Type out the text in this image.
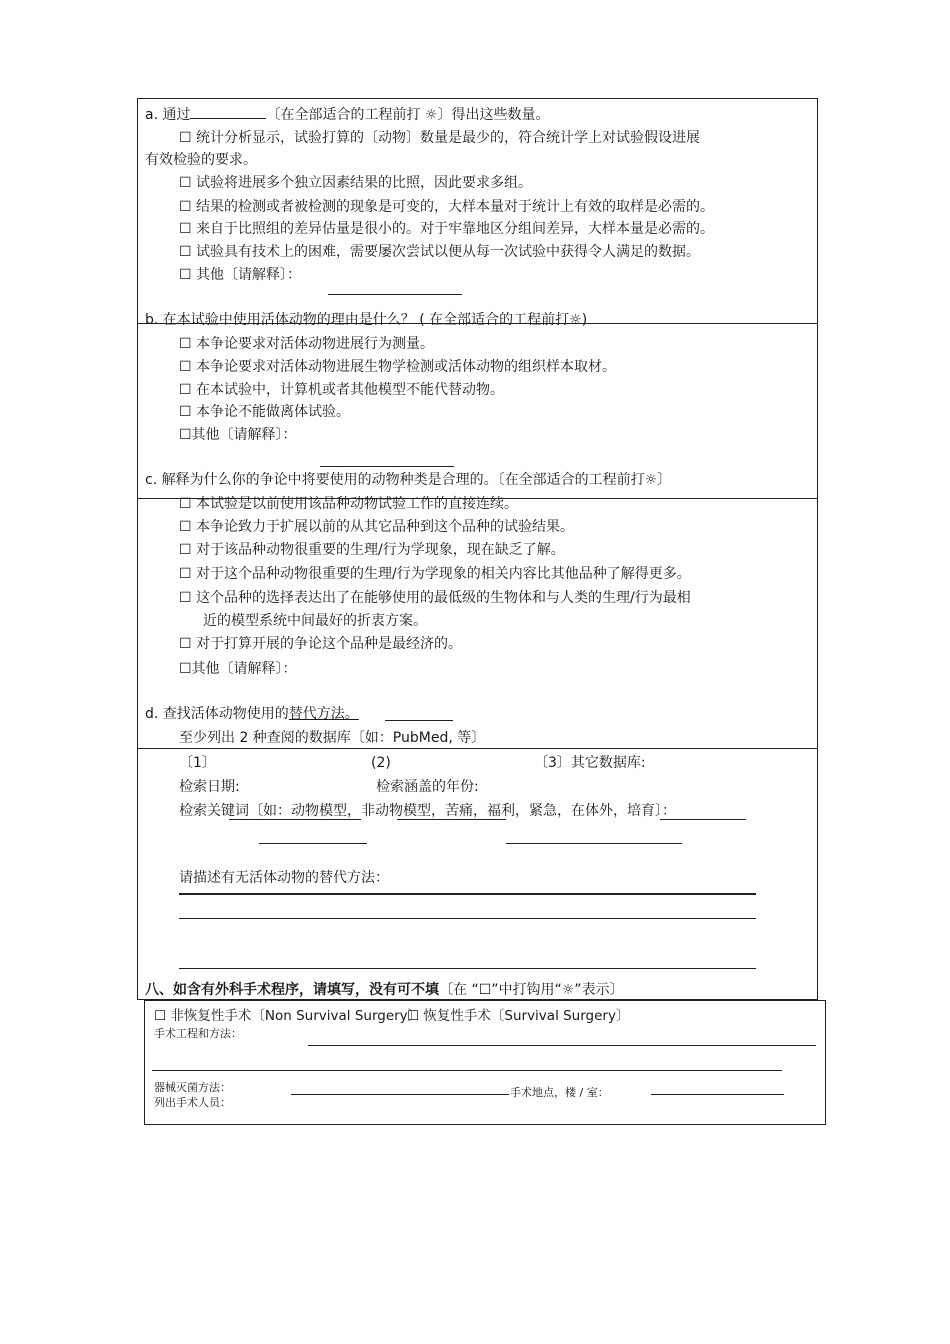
a. 通过	〔在全部适合的工程前打 ☼〕得出这些数量。
☐ 统计分析显示，试验打算的〔动物〕数量是最少的，符合统计学上对试验假设进展
有效检验的要求。
☐ 试验将进展多个独立因素结果的比照，因此要求多组。
☐ 结果的检测或者被检测的现象是可变的，大样本量对于统计上有效的取样是必需的。
☐ 来自于比照组的差异估量是很小的。对于牢靠地区分组间差异，大样本量是必需的。
☐ 试验具有技术上的困难，需要屡次尝试以便从每一次试验中获得令人满足的数据。
☐ 其他〔请解释〕：
b. 在本试验中使用活体动物的理由是什么？ ( 在全部适合的工程前打☼)
☐ 本争论要求对活体动物进展行为测量。
☐ 本争论要求对活体动物进展生物学检测或活体动物的组织样本取材。
☐ 在本试验中，计算机或者其他模型不能代替动物。
☐ 本争论不能做离体试验。
☐其他〔请解释〕：
c. 解释为什么你的争论中将要使用的动物种类是合理的。〔在全部适合的工程前打☼〕
☐ 本试验是以前使用该品种动物试验工作的直接连续。
☐ 本争论致力于扩展以前的从其它品种到这个品种的试验结果。
☐ 对于该品种动物很重要的生理/行为学现象，现在缺乏了解。
☐ 对于这个品种动物很重要的生理/行为学现象的相关内容比其他品种了解得更多。
☐ 这个品种的选择表达出了在能够使用的最低级的生物体和与人类的生理/行为最相
近的模型系统中间最好的折衷方案。
☐ 对于打算开展的争论这个品种是最经济的。
☐其他〔请解释〕：
d. 查找活体动物使用的替代方法。
至少列出 2 种查阅的数据库〔如：PubMed, 等〕
〔1〕	(2)	〔3〕其它数据库:
检索日期:	检索涵盖的年份:
检索关键词〔如：动物模型，非动物模型，苦痛，福利，紧急，在体外，培育〕：
请描述有无活体动物的替代方法：
八、如含有外科手术程序，请填写，没有可不填〔在 “☐”中打钩用“☼”表示〕
☐ 非恢复性手术〔Non Survival Surgery〕
☐ 恢复性手术〔Survival Surgery〕
手术工程和方法：
器械灭菌方法：	手术地点，楼 / 室：
列出手术人员：
